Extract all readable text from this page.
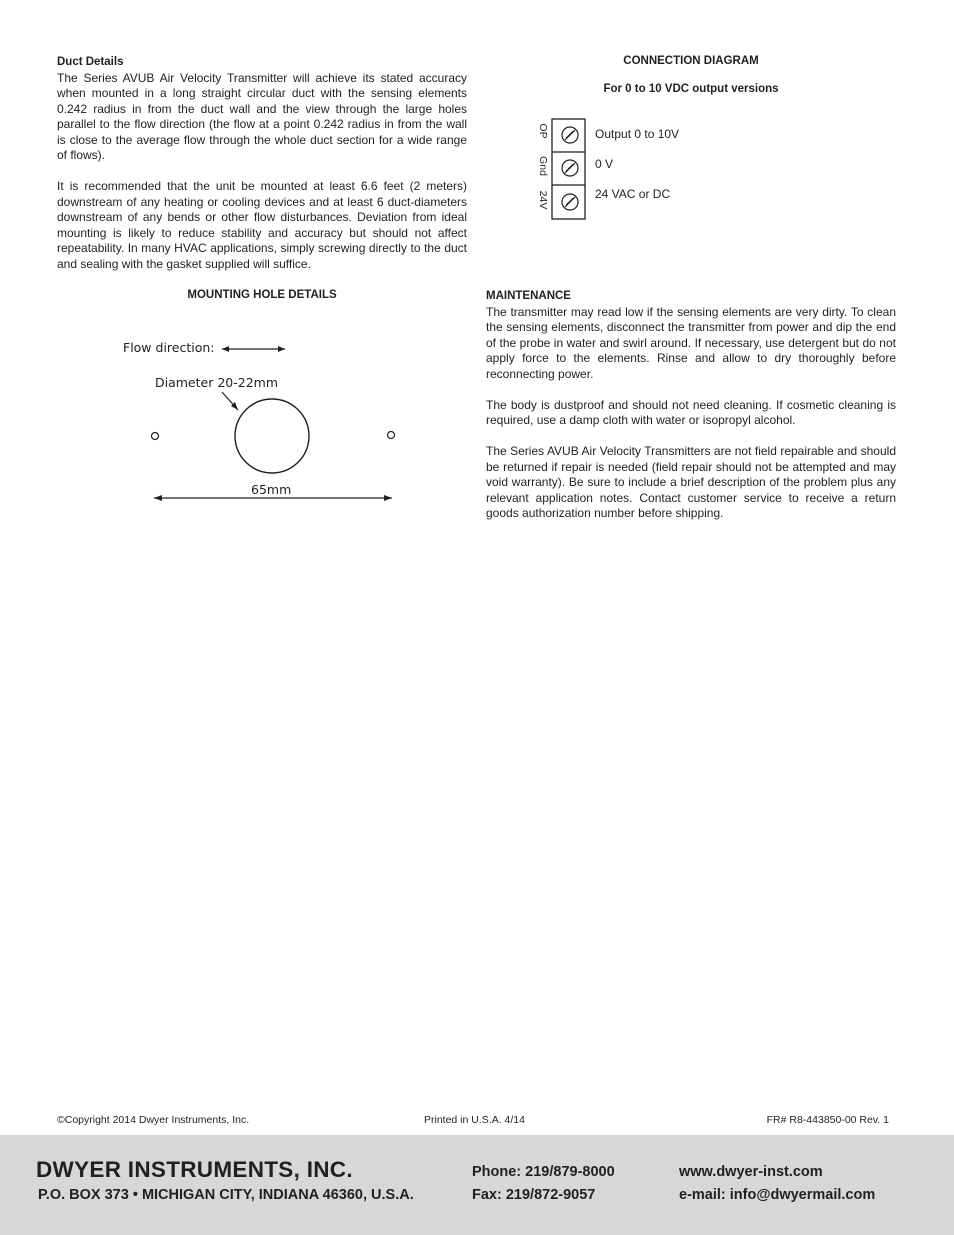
Duct Details

The Series AVUB Air Velocity Transmitter will achieve its stated accuracy when mounted in a long straight circular duct with the sensing elements 0.242 radius in from the duct wall and the view through the large holes parallel to the flow direction (the flow at a point 0.242 radius in from the wall is close to the average flow through the whole duct section for a wide range of flows).

It is recommended that the unit be mounted at least 6.6 feet (2 meters) downstream of any heating or cooling devices and at least 6 duct-diameters downstream of any bends or other flow disturbances. Deviation from ideal mounting is likely to reduce stability and accuracy but should not affect repeatability. In many HVAC applications, simply screwing directly to the duct and sealing with the gasket supplied will suffice.

MOUNTING HOLE DETAILS
Flow direction:
Diameter 20-22mm
65mm
CONNECTION DIAGRAM
For 0 to 10 VDC output versions
OP
Gnd
24V
Output 0 to 10V
0 V
24 VAC or DC
MAINTENANCE

The transmitter may read low if the sensing elements are very dirty. To clean the sensing elements, disconnect the transmitter from power and dip the end of the probe in water and swirl around. If necessary, use detergent but do not apply force to the elements. Rinse and allow to dry thoroughly before reconnecting power.

The body is dustproof and should not need cleaning. If cosmetic cleaning is required, use a damp cloth with water or isopropyl alcohol.

The Series AVUB Air Velocity Transmitters are not field repairable and should be returned if repair is needed (field repair should not be attempted and may void warranty). Be sure to include a brief description of the problem plus any relevant application notes. Contact customer service to receive a return goods authorization number before shipping.

©Copyright 2014 Dwyer Instruments, Inc.	Printed in U.S.A. 4/14	FR# R8-443850-00 Rev. 1
DWYER INSTRUMENTS, INC.
P.O. BOX 373 • MICHIGAN CITY, INDIANA 46360, U.S.A.
Phone: 219/879-8000
Fax: 219/872-9057
www.dwyer-inst.com
e-mail: info@dwyermail.com
